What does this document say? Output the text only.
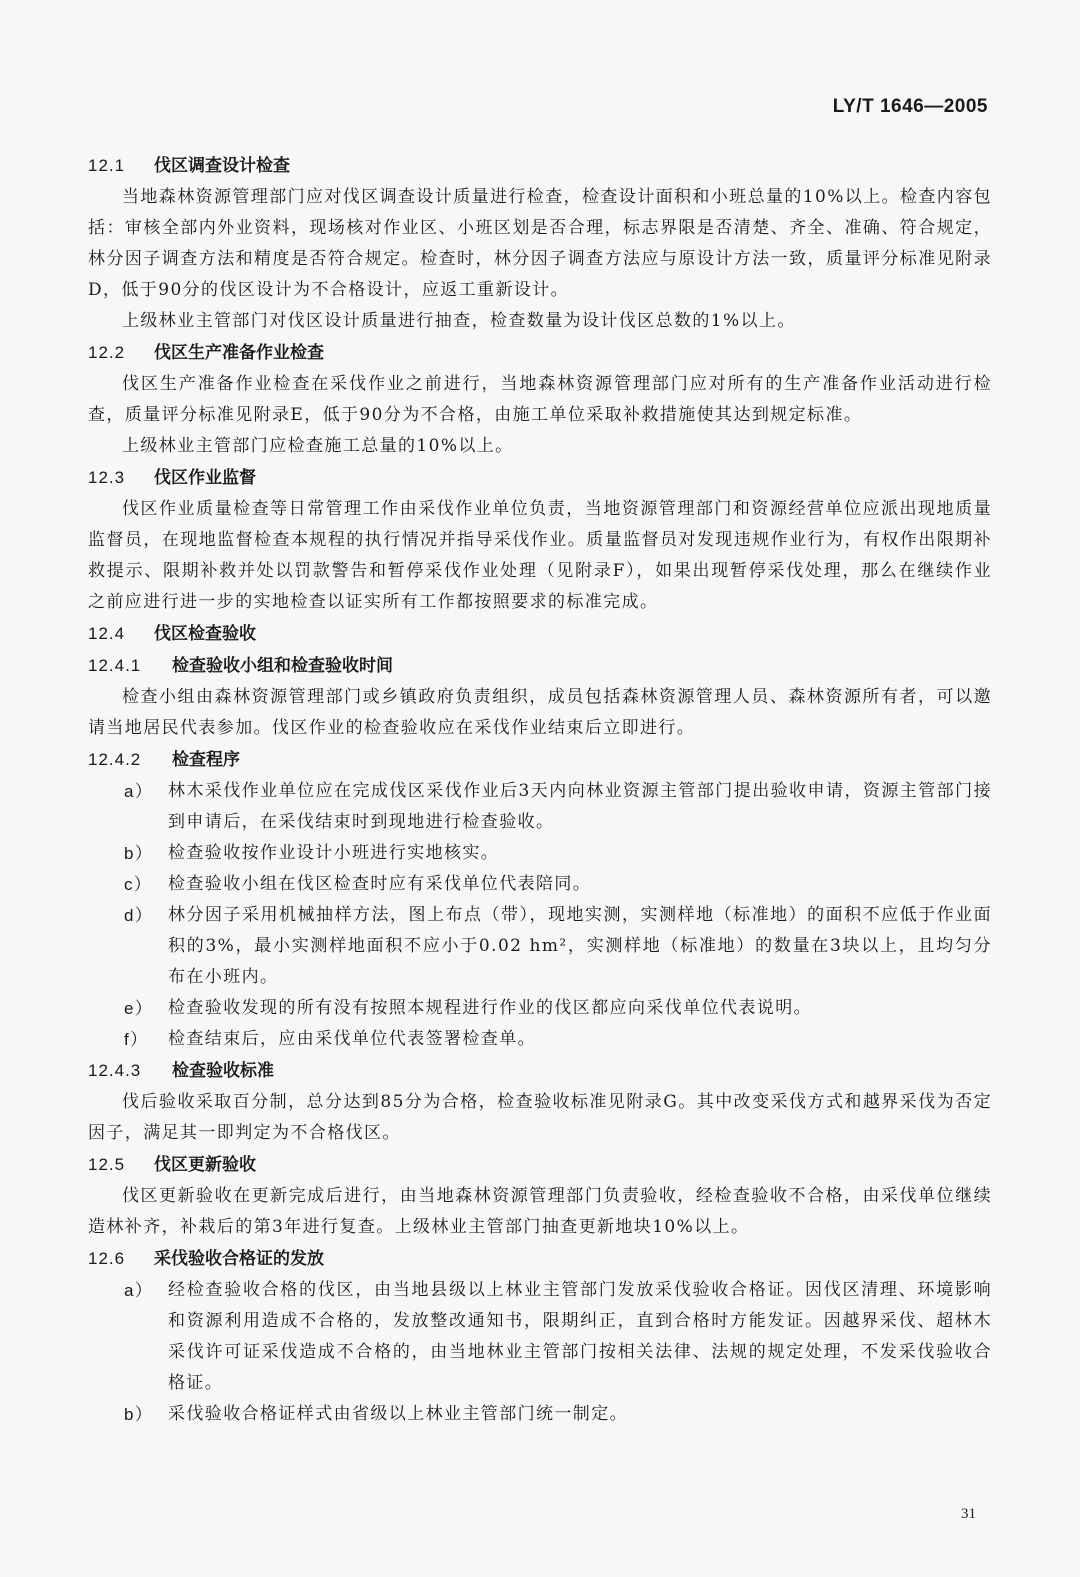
LY/T 1646—2005
12.1	伐区调查设计检查

当地森林资源管理部门应对伐区调查设计质量进行检查，检查设计面积和小班总量的10%以上。检查内容包括：审核全部内外业资料，现场核对作业区、小班区划是否合理，标志界限是否清楚、齐全、准确、符合规定，林分因子调查方法和精度是否符合规定。检查时，林分因子调查方法应与原设计方法一致，质量评分标准见附录D，低于90分的伐区设计为不合格设计，应返工重新设计。

上级林业主管部门对伐区设计质量进行抽查，检查数量为设计伐区总数的1%以上。

12.2	伐区生产准备作业检查

伐区生产准备作业检查在采伐作业之前进行，当地森林资源管理部门应对所有的生产准备作业活动进行检查，质量评分标准见附录E，低于90分为不合格，由施工单位采取补救措施使其达到规定标准。

上级林业主管部门应检查施工总量的10%以上。

12.3	伐区作业监督

伐区作业质量检查等日常管理工作由采伐作业单位负责，当地资源管理部门和资源经营单位应派出现地质量监督员，在现地监督检查本规程的执行情况并指导采伐作业。质量监督员对发现违规作业行为，有权作出限期补救提示、限期补救并处以罚款警告和暂停采伐作业处理（见附录F），如果出现暂停采伐处理，那么在继续作业之前应进行进一步的实地检查以证实所有工作都按照要求的标准完成。

12.4	伐区检查验收
12.4.1	检查验收小组和检查验收时间

检查小组由森林资源管理部门或乡镇政府负责组织，成员包括森林资源管理人员、森林资源所有者，可以邀请当地居民代表参加。伐区作业的检查验收应在采伐作业结束后立即进行。

12.4.2	检查程序
a） 林木采伐作业单位应在完成伐区采伐作业后3天内向林业资源主管部门提出验收申请，资源主管部门接到申请后，在采伐结束时到现地进行检查验收。
b） 检查验收按作业设计小班进行实地核实。
c） 检查验收小组在伐区检查时应有采伐单位代表陪同。
d） 林分因子采用机械抽样方法，图上布点（带），现地实测，实测样地（标准地）的面积不应低于作业面积的3%，最小实测样地面积不应小于0.02 hm²，实测样地（标准地）的数量在3块以上，且均匀分布在小班内。
e） 检查验收发现的所有没有按照本规程进行作业的伐区都应向采伐单位代表说明。
f）	检查结束后，应由采伐单位代表签署检查单。
12.4.3	检查验收标准

伐后验收采取百分制，总分达到85分为合格，检查验收标准见附录G。其中改变采伐方式和越界采伐为否定因子，满足其一即判定为不合格伐区。

12.5	伐区更新验收

伐区更新验收在更新完成后进行，由当地森林资源管理部门负责验收，经检查验收不合格，由采伐单位继续造林补齐，补栽后的第3年进行复查。上级林业主管部门抽查更新地块10%以上。

12.6	采伐验收合格证的发放
a） 经检查验收合格的伐区，由当地县级以上林业主管部门发放采伐验收合格证。因伐区清理、环境影响和资源利用造成不合格的，发放整改通知书，限期纠正，直到合格时方能发证。因越界采伐、超林木采伐许可证采伐造成不合格的，由当地林业主管部门按相关法律、法规的规定处理，不发采伐验收合格证。
b） 采伐验收合格证样式由省级以上林业主管部门统一制定。
31
